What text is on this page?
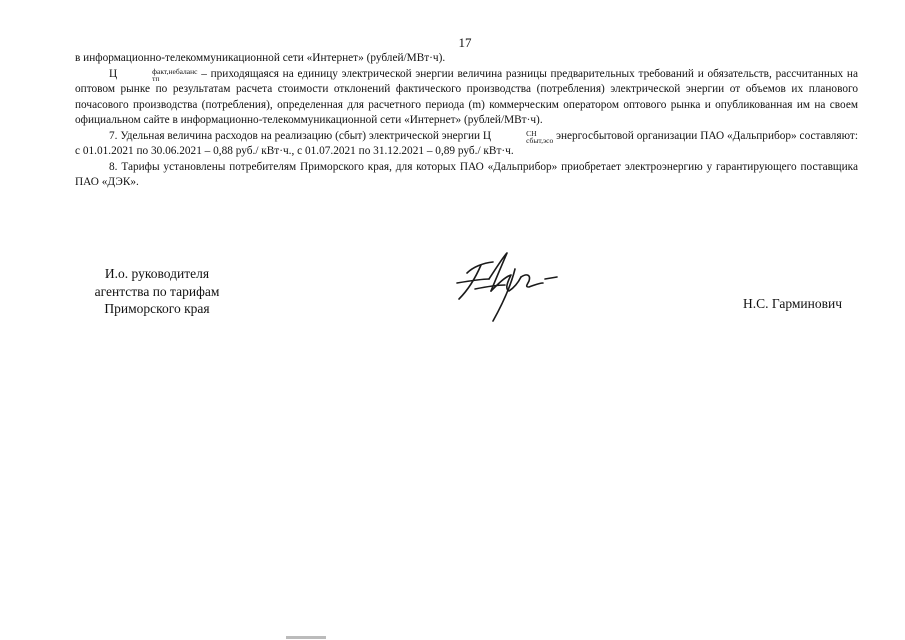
17

в информационно-телекоммуникационной сети «Интернет» (рублей/МВт·ч).

Ц	факт,небаланс
тп	– приходящаяся на единицу электрической энергии величина разницы предварительных требований и обязательств, рассчитанных на оптовом рынке по результатам расчета стоимости отклонений фактического производства (потребления) электрической энергии от объемов их планового почасового производства (потребления), определенная для расчетного периода (m) коммерческим оператором оптового рынка и опубликованная им на своем официальном сайте в информационно-телекоммуникационной сети «Интернет» (рублей/МВт·ч).

7. Удельная величина расходов на реализацию (сбыт) электрической энергии Ц	СН
сбыт,эсо энергосбытовой организации ПАО «Дальприбор» составляют: с 01.01.2021 по 30.06.2021 – 0,88 руб./ кВт·ч., с 01.07.2021 по 31.12.2021 – 0,89 руб./ кВт·ч.

8. Тарифы установлены потребителям Приморского края, для которых ПАО «Дальприбор» приобретает электроэнергию у гарантирующего поставщика ПАО «ДЭК».

И.о. руководителя
агентства по тарифам
Приморского края	Н.С. Гарминович
